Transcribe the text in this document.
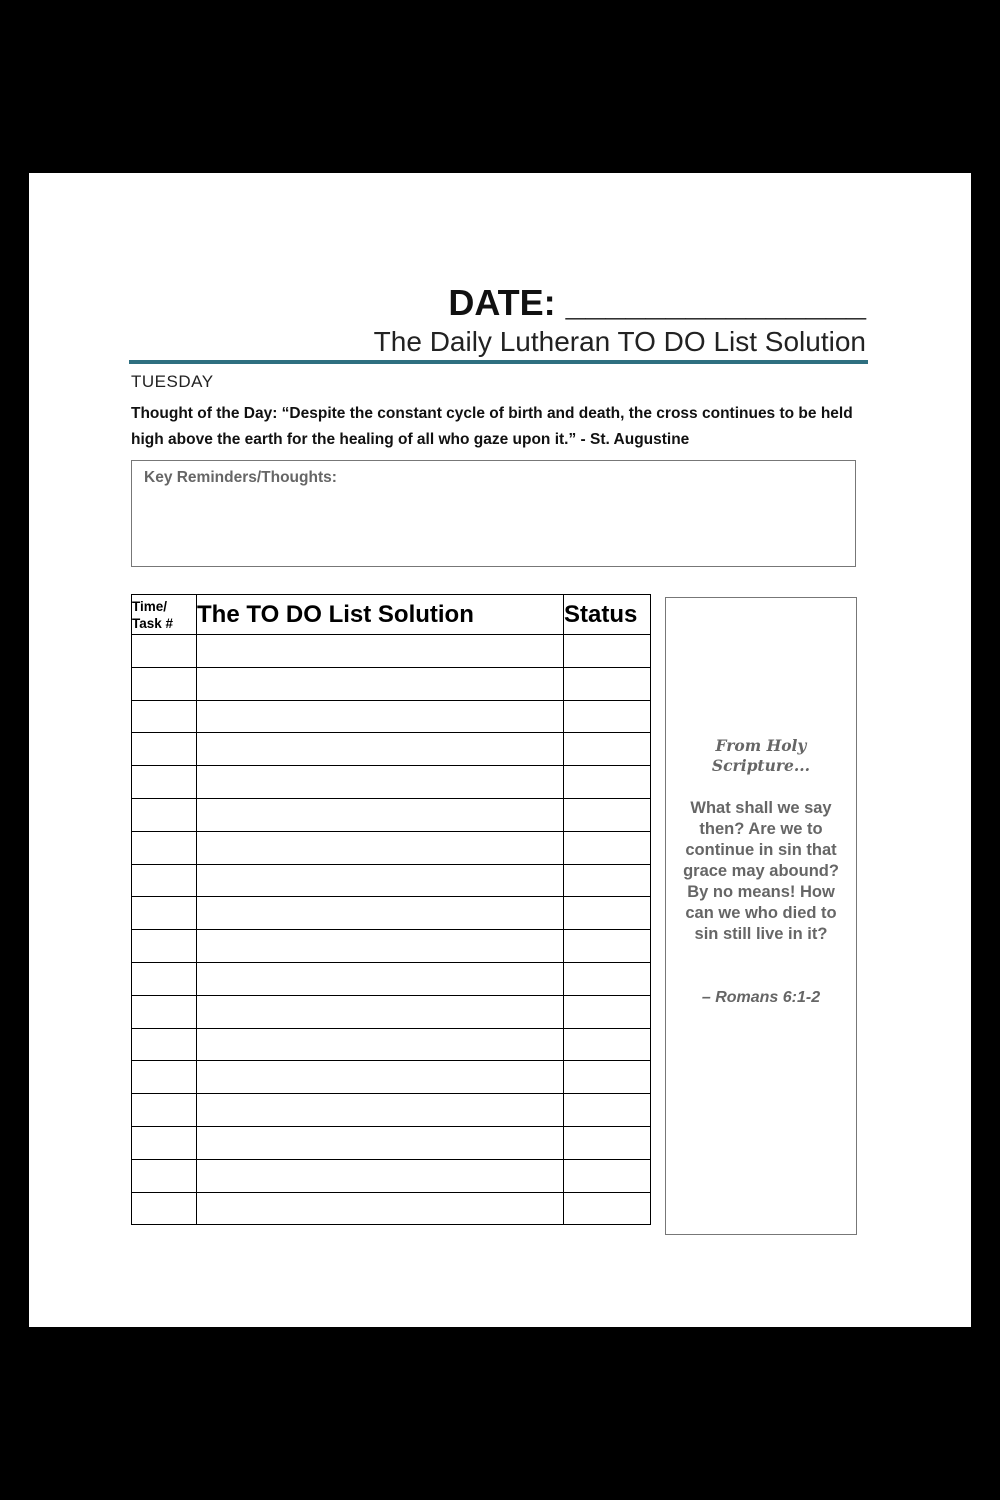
DATE: _______________
The Daily Lutheran TO DO List Solution
TUESDAY
Thought of the Day: “Despite the constant cycle of birth and death, the cross continues to be held high above the earth for the healing of all who gaze upon it.” - St. Augustine
Key Reminders/Thoughts:
Time/ Task #	The TO DO List Solution	Status

From Holy Scripture...
What shall we say then? Are we to continue in sin that grace may abound? By no means! How can we who died to sin still live in it?
– Romans 6:1-2
